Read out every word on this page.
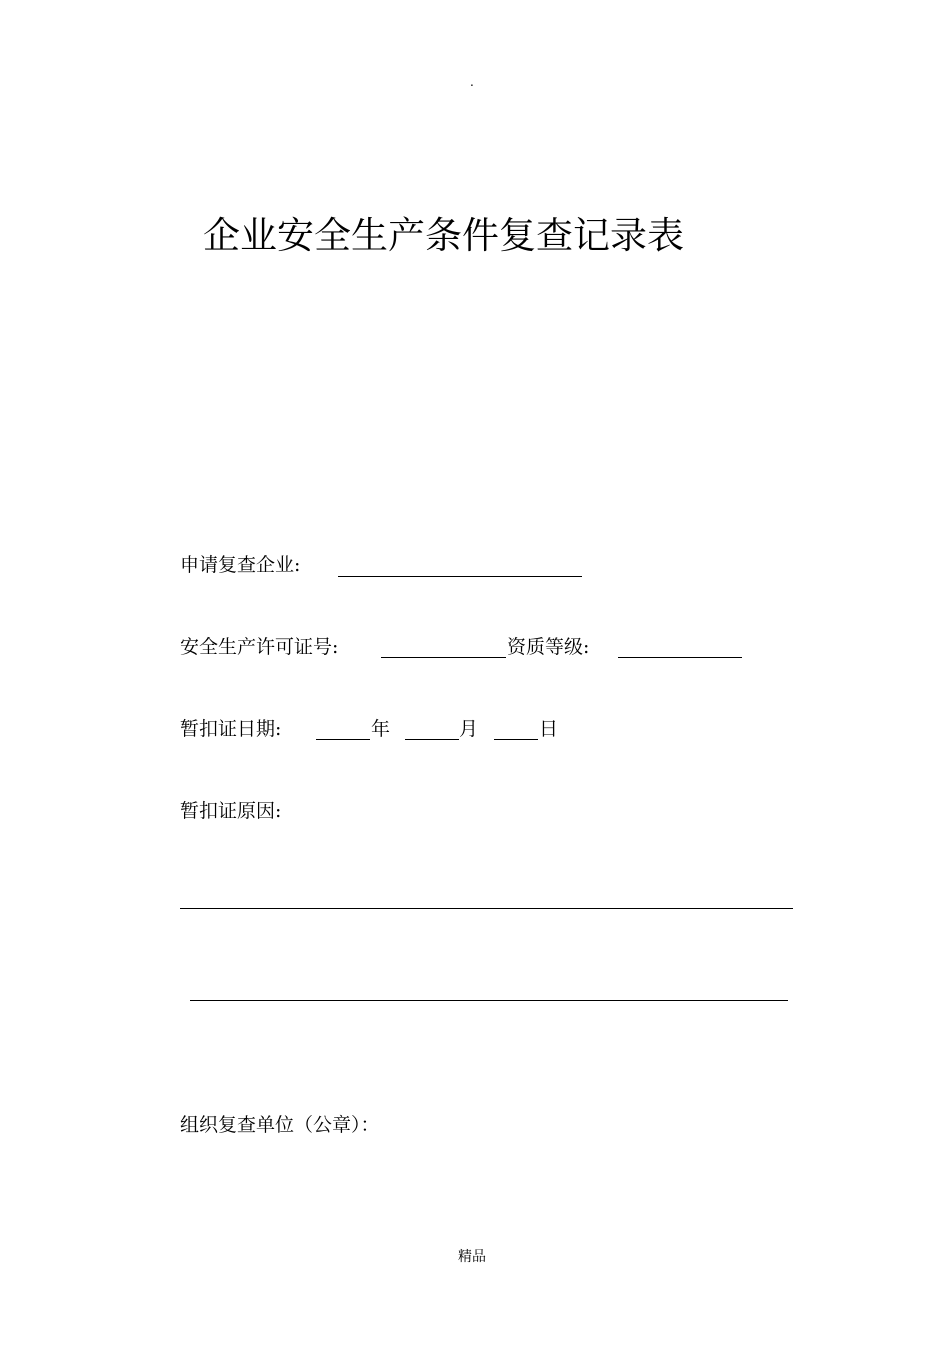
.
企业安全生产条件复查记录表
申请复查企业:
安全生产许可证号:	资质等级:
暂扣证日期:	年	月	日
暂扣证原因:
组织复查单位（公章）：
精品
